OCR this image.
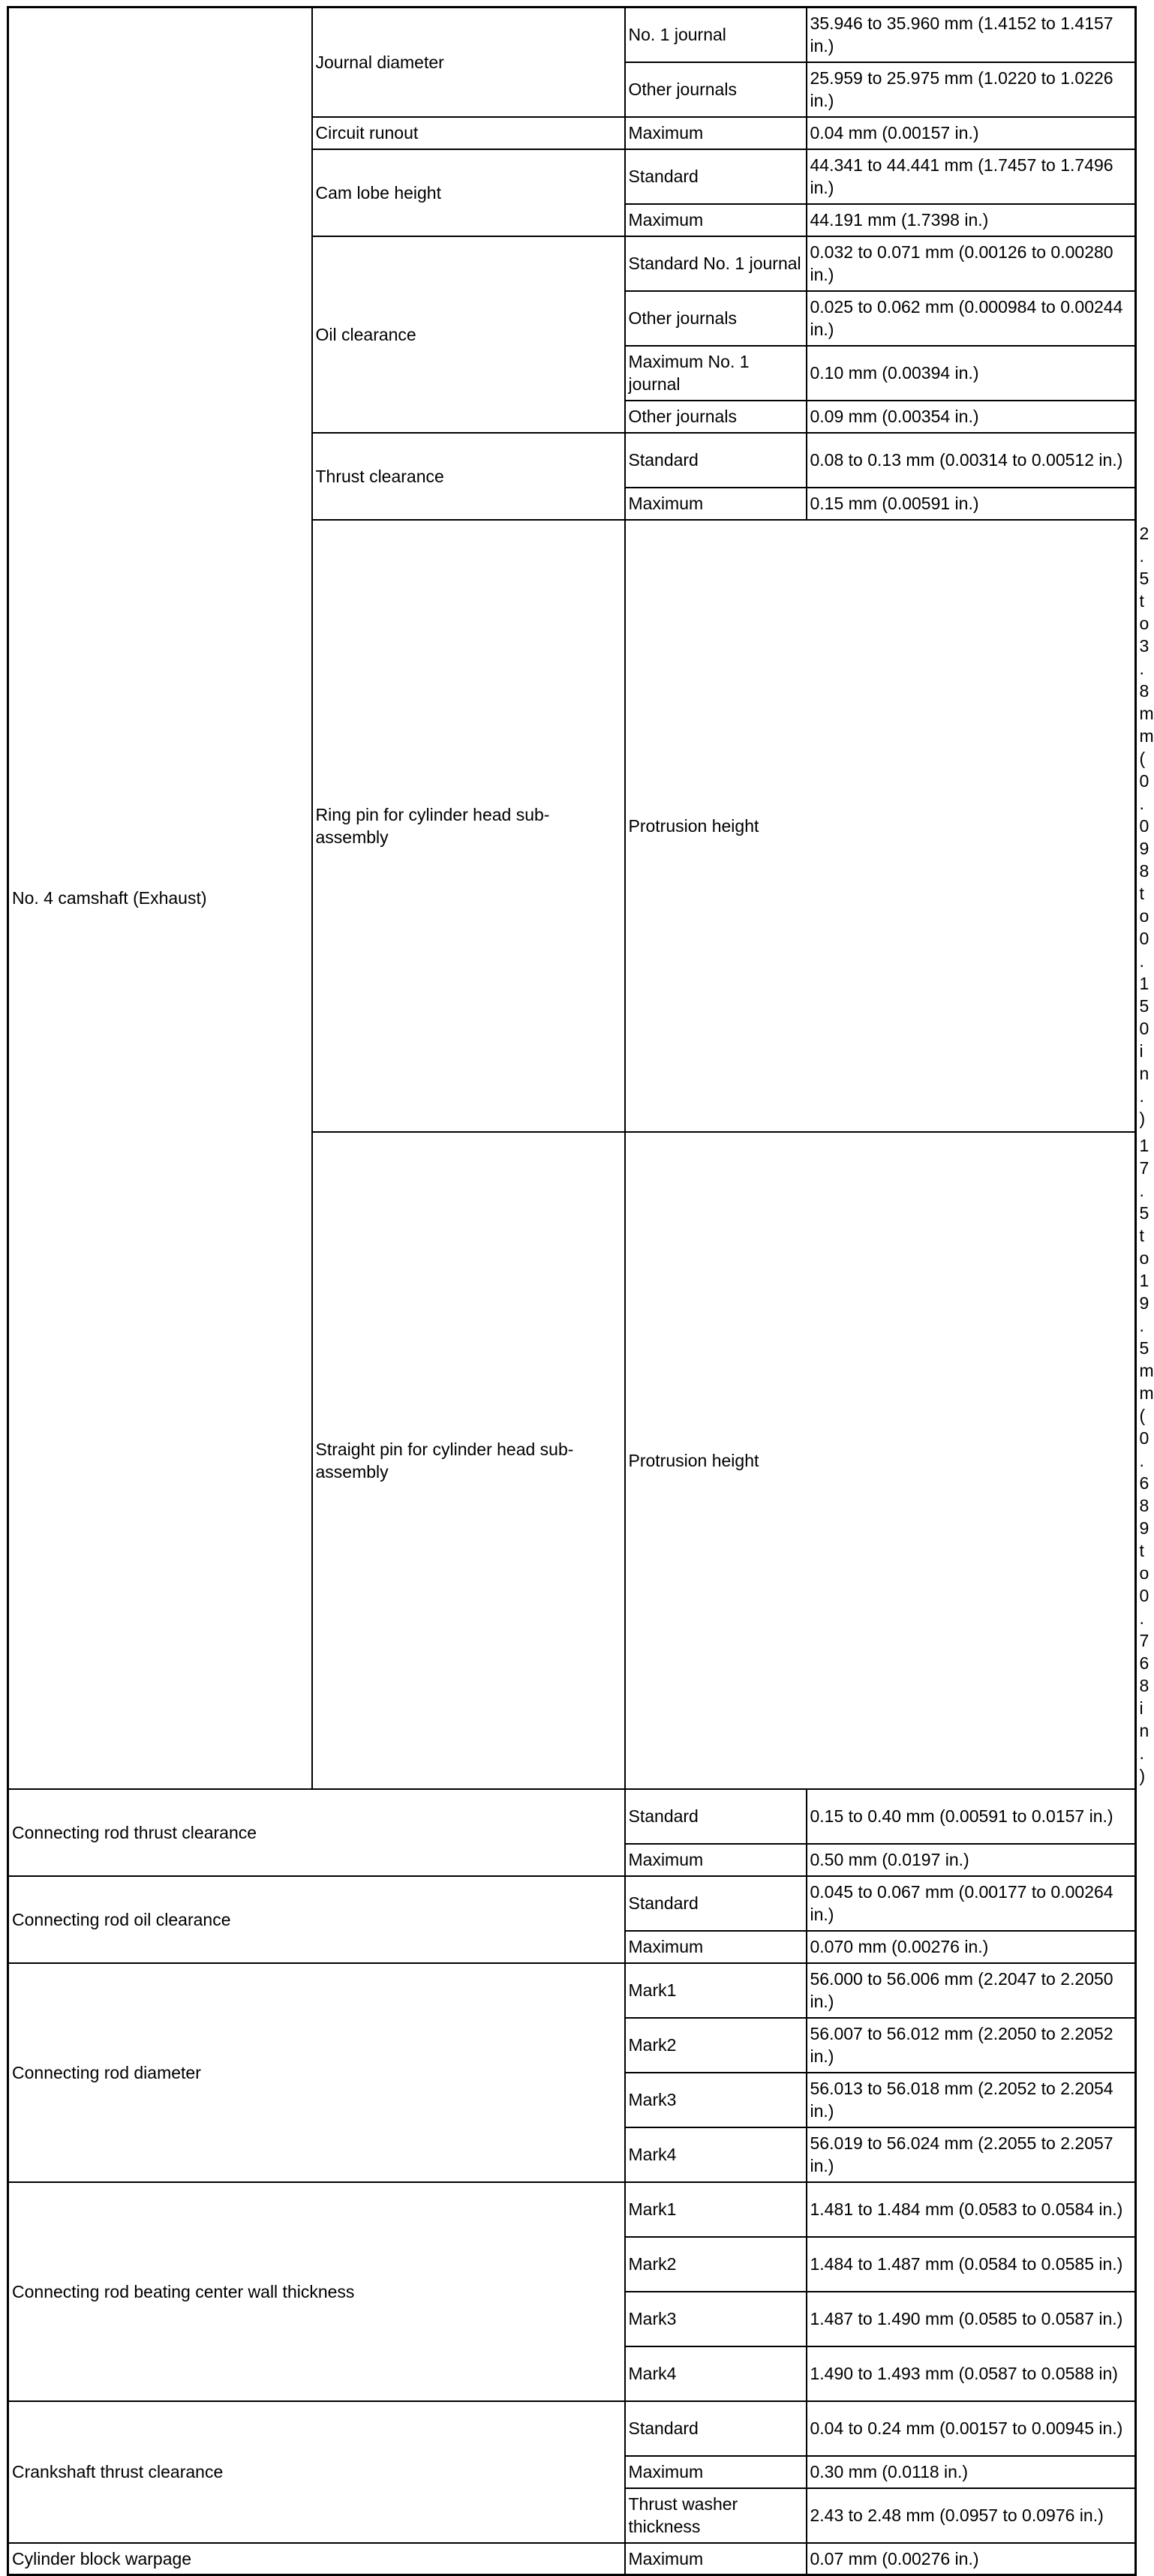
No. 4 camshaft (Exhaust)	Journal diameter	No. 1 journal	35.946 to 35.960 mm (1.4152 to 1.4157 in.)	
		Other journals	25.959 to 25.975 mm (1.0220 to 1.0226 in.)	
	Circuit runout	Maximum	0.04 mm (0.00157 in.)	
	Cam lobe height	Standard	44.341 to 44.441 mm (1.7457 to 1.7496 in.)	
		Maximum	44.191 mm (1.7398 in.)	
	Oil clearance	Standard No. 1 journal	0.032 to 0.071 mm (0.00126 to 0.00280 in.)	
		Other journals	0.025 to 0.062 mm (0.000984 to 0.00244 in.)	
		Maximum No. 1 journal	0.10 mm (0.00394 in.)	
		Other journals	0.09 mm (0.00354 in.)	
	Thrust clearance	Standard	0.08 to 0.13 mm (0.00314 to 0.00512 in.)	
		Maximum	0.15 mm (0.00591 in.)	
	Ring pin for cylinder head sub-assembly	Protrusion height		2.5 to 3.8 mm (0.098 to 0.150 in.)
	Straight pin for cylinder head sub-assembly	Protrusion height		17.5 to 19.5 mm (0.689 to 0.768 in.)
Connecting rod thrust clearance		Standard	0.15 to 0.40 mm (0.00591 to 0.0157 in.)	
		Maximum	0.50 mm (0.0197 in.)	
Connecting rod oil clearance		Standard	0.045 to 0.067 mm (0.00177 to 0.00264 in.)	
		Maximum	0.070 mm (0.00276 in.)	
Connecting rod diameter		Mark1	56.000 to 56.006 mm (2.2047 to 2.2050 in.)	
		Mark2	56.007 to 56.012 mm (2.2050 to 2.2052 in.)	
		Mark3	56.013 to 56.018 mm (2.2052 to 2.2054 in.)	
		Mark4	56.019 to 56.024 mm (2.2055 to 2.2057 in.)	
Connecting rod beating center wall thickness		Mark1	1.481 to 1.484 mm (0.0583 to 0.0584 in.)	
		Mark2	1.484 to 1.487 mm (0.0584 to 0.0585 in.)	
		Mark3	1.487 to 1.490 mm (0.0585 to 0.0587 in.)	
		Mark4	1.490 to 1.493 mm (0.0587 to 0.0588 in)	
Crankshaft thrust clearance		Standard	0.04 to 0.24 mm (0.00157 to 0.00945 in.)	
		Maximum	0.30 mm (0.0118 in.)	
		Thrust washer thickness	2.43 to 2.48 mm (0.0957 to 0.0976 in.)	
Cylinder block warpage		Maximum	0.07 mm (0.00276 in.)	
